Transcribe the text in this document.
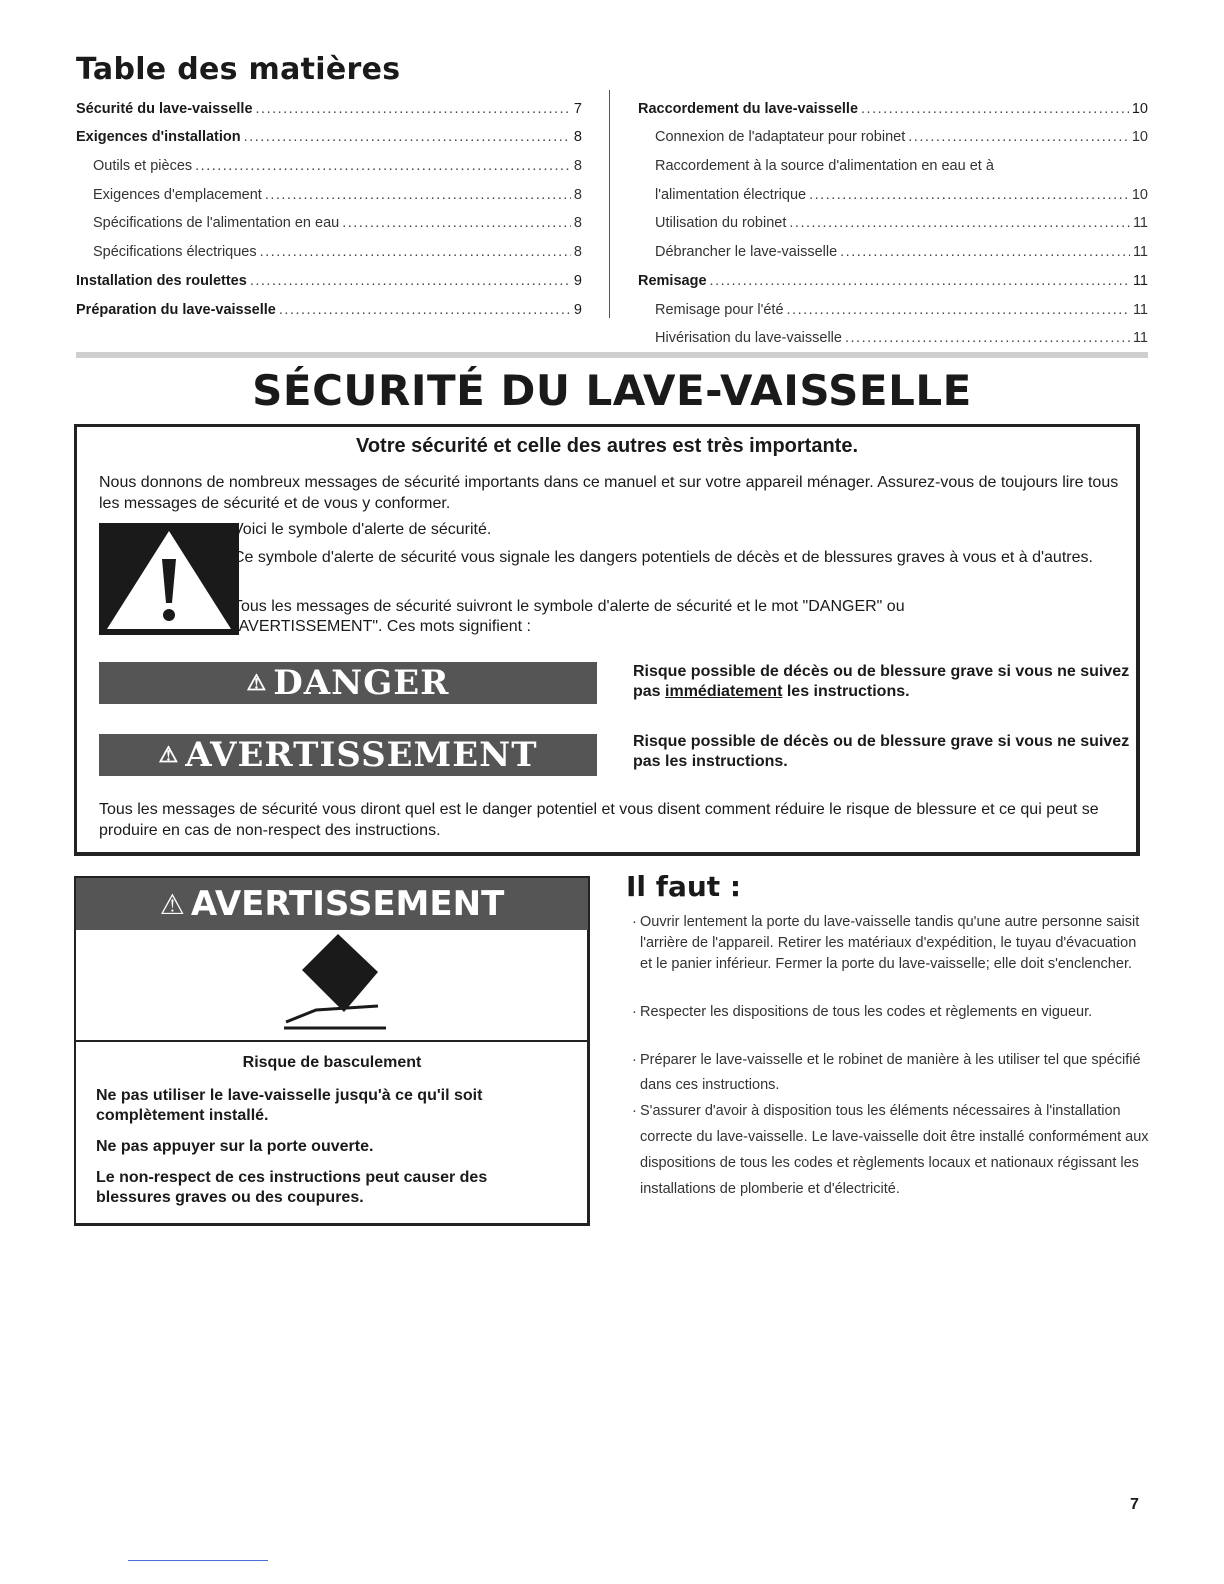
Table des matières
Sécurité du lave-vaisselle .....	7
Exigences d'installation .....	8
Outils et pièces .....	8
Exigences d'emplacement .....	8
Spécifications de l'alimentation en eau .....	8
Spécifications électriques .....	8
Installation des roulettes .....	9
Préparation du lave-vaisselle .....	9
Raccordement du lave-vaisselle .....	10
Connexion de l'adaptateur pour robinet .....	10
Raccordement à la source d'alimentation en eau et à
l'alimentation électrique .....	10
Utilisation du robinet .....	11
Débrancher le lave-vaisselle .....	11
Remisage .....	11
Remisage pour l'été .....	11
Hivérisation du lave-vaisselle .....	11
SÉCURITÉ DU LAVE-VAISSELLE
Votre sécurité et celle des autres est très importante.
Nous donnons de nombreux messages de sécurité importants dans ce manuel et sur votre appareil ménager. Assurez-vous de toujours lire tous les messages de sécurité et de vous y conformer.
Voici le symbole d'alerte de sécurité.
Ce symbole d'alerte de sécurité vous signale les dangers potentiels de décès et de blessures graves à vous et à d'autres.
Tous les messages de sécurité suivront le symbole d'alerte de sécurité et le mot "DANGER" ou "AVERTISSEMENT". Ces mots signifient :
⚠ DANGER	Risque possible de décès ou de blessure grave si vous ne suivez pas immédiatement les instructions.
⚠ AVERTISSEMENT	Risque possible de décès ou de blessure grave si vous ne suivez pas les instructions.
Tous les messages de sécurité vous diront quel est le danger potentiel et vous disent comment réduire le risque de blessure et ce qui peut se produire en cas de non-respect des instructions.
⚠ AVERTISSEMENT
Risque de basculement
Ne pas utiliser le lave-vaisselle jusqu'à ce qu'il soit complètement installé.
Ne pas appuyer sur la porte ouverte.
Le non-respect de ces instructions peut causer des blessures graves ou des coupures.
Il faut :
· Ouvrir lentement la porte du lave-vaisselle tandis qu'une autre personne saisit l'arrière de l'appareil. Retirer les matériaux d'expédition, le tuyau d'évacuation et le panier inférieur. Fermer la porte du lave-vaisselle; elle doit s'enclencher.
· Respecter les dispositions de tous les codes et règlements en vigueur.
· Préparer le lave-vaisselle et le robinet de manière à les utiliser tel que spécifié dans ces instructions.
· S'assurer d'avoir à disposition tous les éléments nécessaires à l'installation correcte du lave-vaisselle. Le lave-vaisselle doit être installé conformément aux dispositions de tous les codes et règlements locaux et nationaux régissant les installations de plomberie et d'électricité.
7
